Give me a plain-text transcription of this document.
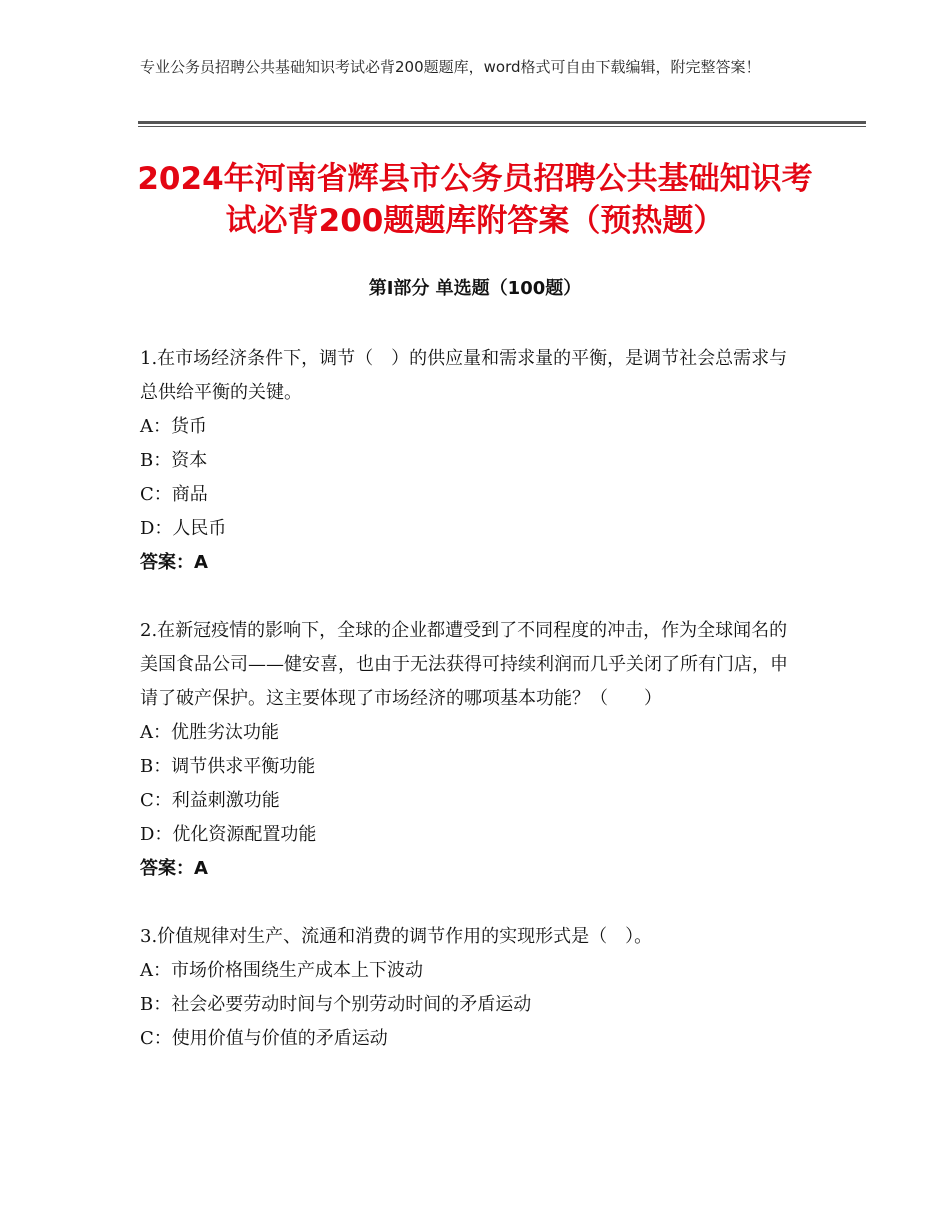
专业公务员招聘公共基础知识考试必背200题题库，word格式可自由下载编辑，附完整答案！
2024年河南省辉县市公务员招聘公共基础知识考试必背200题题库附答案（预热题）
第Ⅰ部分 单选题（100题）

1.在市场经济条件下，调节（　）的供应量和需求量的平衡，是调节社会总需求与总供给平衡的关键。

A：货币

B：资本

C：商品

D：人民币

答案：A

2.在新冠疫情的影响下，全球的企业都遭受到了不同程度的冲击，作为全球闻名的美国食品公司——健安喜，也由于无法获得可持续利润而几乎关闭了所有门店，申请了破产保护。这主要体现了市场经济的哪项基本功能？（　　）

A：优胜劣汰功能

B：调节供求平衡功能

C：利益刺激功能

D：优化资源配置功能

答案：A

3.价值规律对生产、流通和消费的调节作用的实现形式是（　）。

A：市场价格围绕生产成本上下波动

B：社会必要劳动时间与个别劳动时间的矛盾运动

C：使用价值与价值的矛盾运动
